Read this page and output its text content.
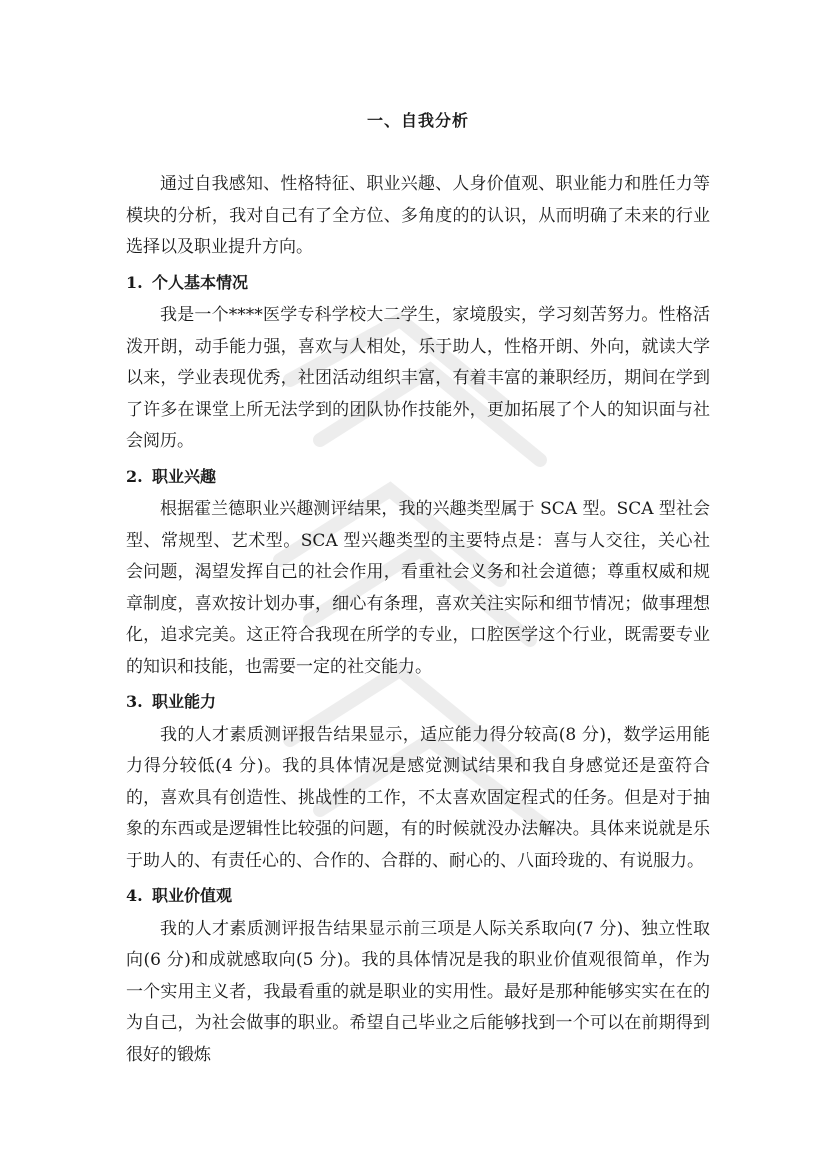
一、自我分析

通过自我感知、性格特征、职业兴趣、人身价值观、职业能力和胜任力等模块的分析，我对自己有了全方位、多角度的的认识，从而明确了未来的行业选择以及职业提升方向。

1. 个人基本情况

我是一个****医学专科学校大二学生，家境殷实，学习刻苦努力。性格活泼开朗，动手能力强，喜欢与人相处，乐于助人，性格开朗、外向，就读大学以来，学业表现优秀，社团活动组织丰富，有着丰富的兼职经历，期间在学到了许多在课堂上所无法学到的团队协作技能外，更加拓展了个人的知识面与社会阅历。

2. 职业兴趣

根据霍兰德职业兴趣测评结果，我的兴趣类型属于 SCA 型。SCA 型社会型、常规型、艺术型。SCA 型兴趣类型的主要特点是：喜与人交往，关心社会问题，渴望发挥自己的社会作用，看重社会义务和社会道德；尊重权威和规章制度，喜欢按计划办事，细心有条理，喜欢关注实际和细节情况；做事理想化，追求完美。这正符合我现在所学的专业，口腔医学这个行业，既需要专业的知识和技能，也需要一定的社交能力。

3. 职业能力

我的人才素质测评报告结果显示，适应能力得分较高(8 分)，数学运用能力得分较低(4 分)。我的具体情况是感觉测试结果和我自身感觉还是蛮符合的，喜欢具有创造性、挑战性的工作，不太喜欢固定程式的任务。但是对于抽象的东西或是逻辑性比较强的问题，有的时候就没办法解决。具体来说就是乐于助人的、有责任心的、合作的、合群的、耐心的、八面玲珑的、有说服力。

4. 职业价值观

我的人才素质测评报告结果显示前三项是人际关系取向(7 分)、独立性取向(6 分)和成就感取向(5 分)。我的具体情况是我的职业价值观很简单，作为一个实用主义者，我最看重的就是职业的实用性。最好是那种能够实实在在的为自己，为社会做事的职业。希望自己毕业之后能够找到一个可以在前期得到很好的锻炼
